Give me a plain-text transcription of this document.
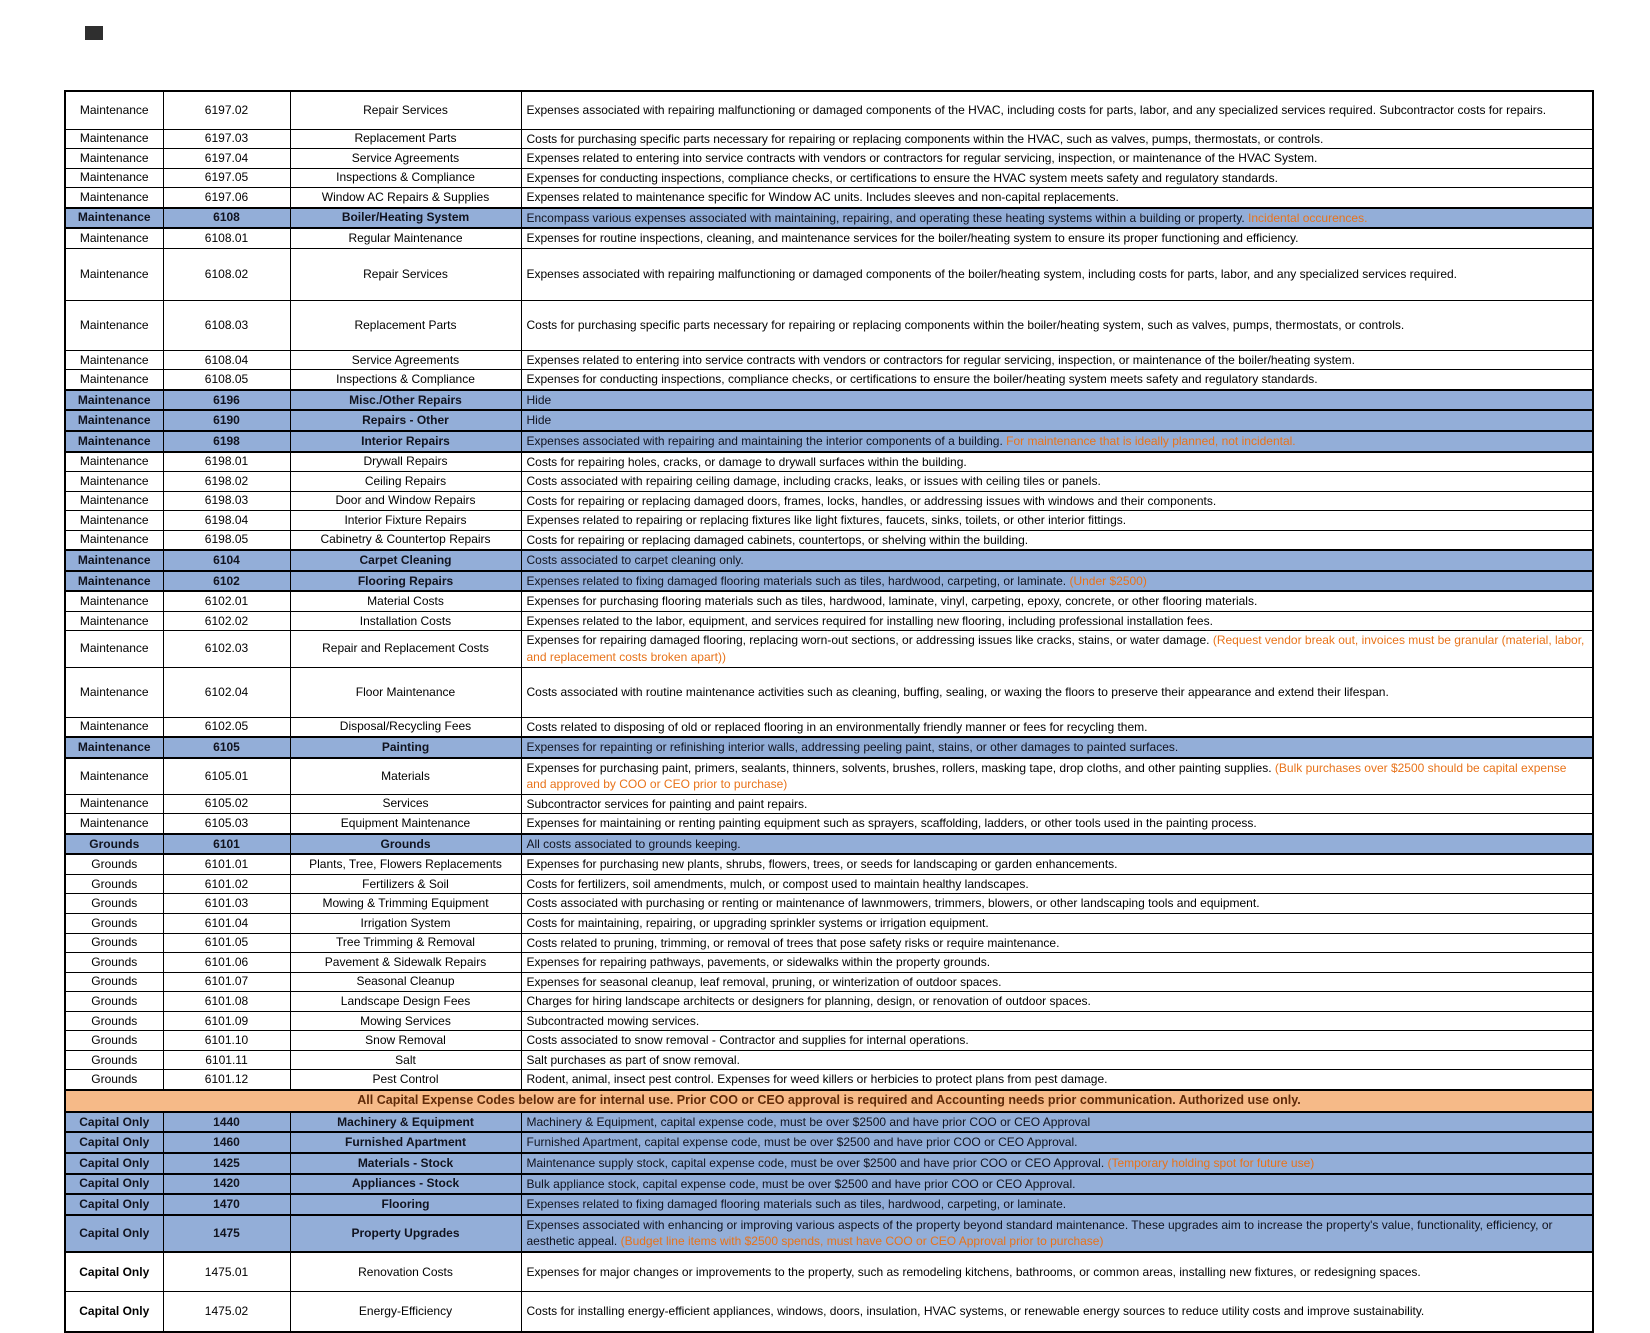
Maintenance	6197.02	Repair Services	Expenses associated with repairing malfunctioning or damaged components of the HVAC, including costs for parts, labor, and any specialized services required. Subcontractor costs for repairs.
Maintenance	6197.03	Replacement Parts	Costs for purchasing specific parts necessary for repairing or replacing components within the HVAC, such as valves, pumps, thermostats, or controls.
Maintenance	6197.04	Service Agreements	Expenses related to entering into service contracts with vendors or contractors for regular servicing, inspection, or maintenance of the HVAC System.
Maintenance	6197.05	Inspections & Compliance	Expenses for conducting inspections, compliance checks, or certifications to ensure the HVAC system meets safety and regulatory standards.
Maintenance	6197.06	Window AC Repairs & Supplies	Expenses related to maintenance specific for Window AC units. Includes sleeves and non-capital replacements.
Maintenance	6108	Boiler/Heating System	Encompass various expenses associated with maintaining, repairing, and operating these heating systems within a building or property. Incidental occurences.
Maintenance	6108.01	Regular Maintenance	Expenses for routine inspections, cleaning, and maintenance services for the boiler/heating system to ensure its proper functioning and efficiency.
Maintenance	6108.02	Repair Services	Expenses associated with repairing malfunctioning or damaged components of the boiler/heating system, including costs for parts, labor, and any specialized services required.
Maintenance	6108.03	Replacement Parts	Costs for purchasing specific parts necessary for repairing or replacing components within the boiler/heating system, such as valves, pumps, thermostats, or controls.
Maintenance	6108.04	Service Agreements	Expenses related to entering into service contracts with vendors or contractors for regular servicing, inspection, or maintenance of the boiler/heating system.
Maintenance	6108.05	Inspections & Compliance	Expenses for conducting inspections, compliance checks, or certifications to ensure the boiler/heating system meets safety and regulatory standards.
Maintenance	6196	Misc./Other Repairs	Hide
Maintenance	6190	Repairs - Other	Hide
Maintenance	6198	Interior Repairs	Expenses associated with repairing and maintaining the interior components of a building. For maintenance that is ideally planned, not incidental.
Maintenance	6198.01	Drywall Repairs	Costs for repairing holes, cracks, or damage to drywall surfaces within the building.
Maintenance	6198.02	Ceiling Repairs	Costs associated with repairing ceiling damage, including cracks, leaks, or issues with ceiling tiles or panels.
Maintenance	6198.03	Door and Window Repairs	Costs for repairing or replacing damaged doors, frames, locks, handles, or addressing issues with windows and their components.
Maintenance	6198.04	Interior Fixture Repairs	Expenses related to repairing or replacing fixtures like light fixtures, faucets, sinks, toilets, or other interior fittings.
Maintenance	6198.05	Cabinetry & Countertop Repairs	Costs for repairing or replacing damaged cabinets, countertops, or shelving within the building.
Maintenance	6104	Carpet Cleaning	Costs associated to carpet cleaning only.
Maintenance	6102	Flooring Repairs	Expenses related to fixing damaged flooring materials such as tiles, hardwood, carpeting, or laminate. (Under $2500)
Maintenance	6102.01	Material Costs	Expenses for purchasing flooring materials such as tiles, hardwood, laminate, vinyl, carpeting, epoxy, concrete, or other flooring materials.
Maintenance	6102.02	Installation Costs	Expenses related to the labor, equipment, and services required for installing new flooring, including professional installation fees.
Maintenance	6102.03	Repair and Replacement Costs	Expenses for repairing damaged flooring, replacing worn-out sections, or addressing issues like cracks, stains, or water damage. (Request vendor break out, invoices must be granular (material, labor, and replacement costs broken apart))
Maintenance	6102.04	Floor Maintenance	Costs associated with routine maintenance activities such as cleaning, buffing, sealing, or waxing the floors to preserve their appearance and extend their lifespan.
Maintenance	6102.05	Disposal/Recycling Fees	Costs related to disposing of old or replaced flooring in an environmentally friendly manner or fees for recycling them.
Maintenance	6105	Painting	Expenses for repainting or refinishing interior walls, addressing peeling paint, stains, or other damages to painted surfaces.
Maintenance	6105.01	Materials	Expenses for purchasing paint, primers, sealants, thinners, solvents, brushes, rollers, masking tape, drop cloths, and other painting supplies. (Bulk purchases over $2500 should be capital expense and approved by COO or CEO prior to purchase)
Maintenance	6105.02	Services	Subcontractor services for painting and paint repairs.
Maintenance	6105.03	Equipment Maintenance	Expenses for maintaining or renting painting equipment such as sprayers, scaffolding, ladders, or other tools used in the painting process.
Grounds	6101	Grounds	All costs associated to grounds keeping.
Grounds	6101.01	Plants, Tree, Flowers Replacements	Expenses for purchasing new plants, shrubs, flowers, trees, or seeds for landscaping or garden enhancements.
Grounds	6101.02	Fertilizers & Soil	Costs for fertilizers, soil amendments, mulch, or compost used to maintain healthy landscapes.
Grounds	6101.03	Mowing & Trimming Equipment	Costs associated with purchasing or renting or maintenance of lawnmowers, trimmers, blowers, or other landscaping tools and equipment.
Grounds	6101.04	Irrigation System	Costs for maintaining, repairing, or upgrading sprinkler systems or irrigation equipment.
Grounds	6101.05	Tree Trimming & Removal	Costs related to pruning, trimming, or removal of trees that pose safety risks or require maintenance.
Grounds	6101.06	Pavement & Sidewalk Repairs	Expenses for repairing pathways, pavements, or sidewalks within the property grounds.
Grounds	6101.07	Seasonal Cleanup	Expenses for seasonal cleanup, leaf removal, pruning, or winterization of outdoor spaces.
Grounds	6101.08	Landscape Design Fees	Charges for hiring landscape architects or designers for planning, design, or renovation of outdoor spaces.
Grounds	6101.09	Mowing Services	Subcontracted mowing services.
Grounds	6101.10	Snow Removal	Costs associated to snow removal - Contractor and supplies for internal operations.
Grounds	6101.11	Salt	Salt purchases as part of snow removal.
Grounds	6101.12	Pest Control	Rodent, animal, insect pest control. Expenses for weed killers or herbicies to protect plans from pest damage.
All Capital Expense Codes below are for internal use. Prior COO or CEO approval is required and Accounting needs prior communication. Authorized use only.			
Capital Only	1440	Machinery & Equipment	Machinery & Equipment, capital expense code, must be over $2500 and have prior COO or CEO Approval
Capital Only	1460	Furnished Apartment	Furnished Apartment, capital expense code, must be over $2500 and have prior COO or CEO Approval.
Capital Only	1425	Materials - Stock	Maintenance supply stock, capital expense code, must be over $2500 and have prior COO or CEO Approval. (Temporary holding spot for future use)
Capital Only	1420	Appliances - Stock	Bulk appliance stock, capital expense code, must be over $2500 and have prior COO or CEO Approval.
Capital Only	1470	Flooring	Expenses related to fixing damaged flooring materials such as tiles, hardwood, carpeting, or laminate.
Capital Only	1475	Property Upgrades	Expenses associated with enhancing or improving various aspects of the property beyond standard maintenance. These upgrades aim to increase the property's value, functionality, efficiency, or aesthetic appeal. (Budget line items with $2500 spends, must have COO or CEO Approval prior to purchase)
Capital Only	1475.01	Renovation Costs	Expenses for major changes or improvements to the property, such as remodeling kitchens, bathrooms, or common areas, installing new fixtures, or redesigning spaces.
Capital Only	1475.02	Energy-Efficiency	Costs for installing energy-efficient appliances, windows, doors, insulation, HVAC systems, or renewable energy sources to reduce utility costs and improve sustainability.
